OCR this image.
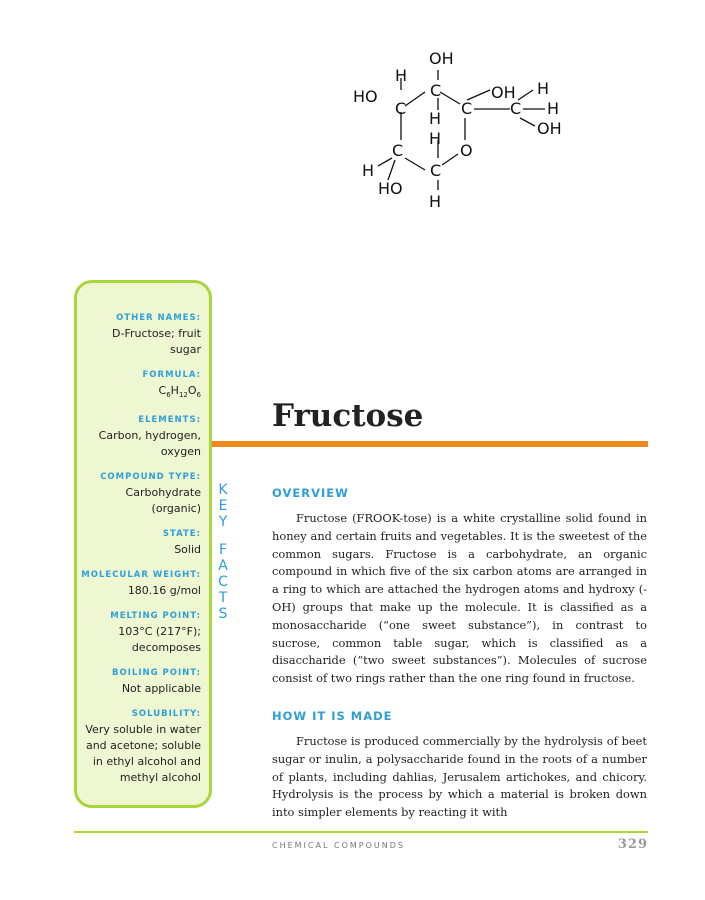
OH
H
HO
C
C
H
C
OH
C
H
H
OH
H
O
C
H	C
HO
H
OTHER NAMES:
D-Fructose; fruit sugar
FORMULA:
$C_6H_{12}O_6$
ELEMENTS:
Carbon, hydrogen, oxygen
COMPOUND TYPE:
Carbohydrate (organic)
STATE:
Solid
MOLECULAR WEIGHT:
180.16 g/mol
MELTING POINT:
103°C (217°F); decomposes
BOILING POINT:
Not applicable
SOLUBILITY:
Very soluble in water and acetone; soluble in ethyl alcohol and methyl alcohol
K
E
Y
F
A
C
T
S
Fructose
OVERVIEW

Fructose (FROOK-tose) is a white crystalline solid found in honey and certain fruits and vegetables. It is the sweetest of the common sugars. Fructose is a carbohydrate, an organic compound in which five of the six carbon atoms are arranged in a ring to which are attached the hydrogen atoms and hydroxy (-OH) groups that make up the molecule. It is classified as a monosaccharide (“one sweet substance”), in contrast to sucrose, common table sugar, which is classified as a disaccharide (“two sweet substances”). Molecules of sucrose consist of two rings rather than the one ring found in fructose.

HOW IT IS MADE

Fructose is produced commercially by the hydrolysis of beet sugar or inulin, a polysaccharide found in the roots of a number of plants, including dahlias, Jerusalem artichokes, and chicory. Hydrolysis is the process by which a material is broken down into simpler elements by reacting it with

CHEMICAL COMPOUNDS	329
